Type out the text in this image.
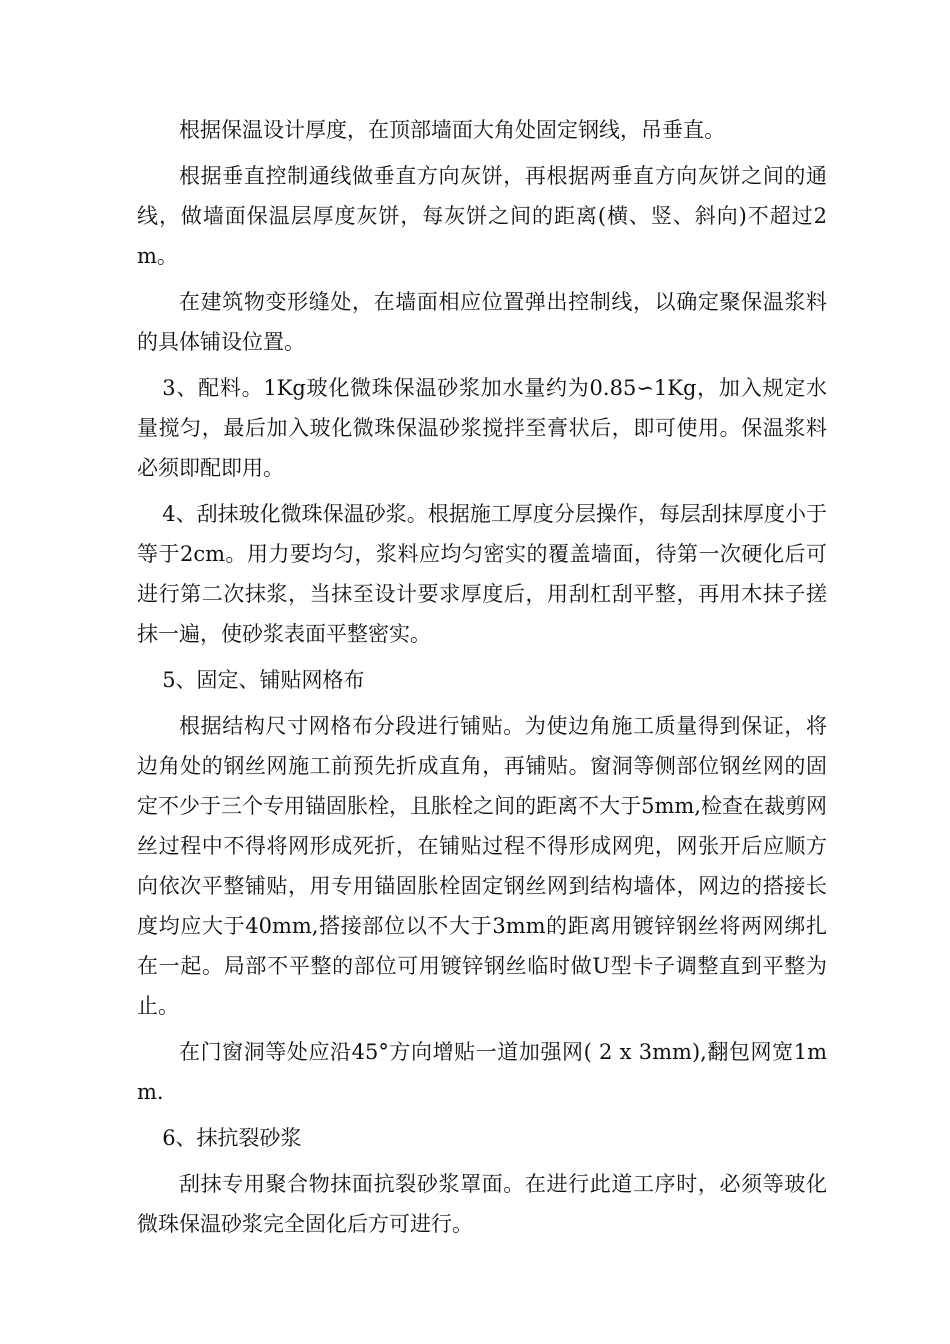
根据保温设计厚度，在顶部墙面大角处固定钢线，吊垂直。

根据垂直控制通线做垂直方向灰饼，再根据两垂直方向灰饼之间的通线，做墙面保温层厚度灰饼，每灰饼之间的距离(横、竖、斜向)不超过2m。

在建筑物变形缝处，在墙面相应位置弹出控制线，以确定聚保温浆料的具体铺设位置。

3、配料。1Kg玻化微珠保温砂浆加水量约为0.85∽1Kg，加入规定水量搅匀，最后加入玻化微珠保温砂浆搅拌至膏状后，即可使用。保温浆料必须即配即用。

4、刮抹玻化微珠保温砂浆。根据施工厚度分层操作，每层刮抹厚度小于等于2cm。用力要均匀，浆料应均匀密实的覆盖墙面，待第一次硬化后可进行第二次抹浆，当抹至设计要求厚度后，用刮杠刮平整，再用木抹子搓抹一遍，使砂浆表面平整密实。

5、固定、铺贴网格布

根据结构尺寸网格布分段进行铺贴。为使边角施工质量得到保证，将边角处的钢丝网施工前预先折成直角，再铺贴。窗洞等侧部位钢丝网的固定不少于三个专用锚固胀栓，且胀栓之间的距离不大于5mm,检查在裁剪网丝过程中不得将网形成死折，在铺贴过程不得形成网兜，网张开后应顺方向依次平整铺贴，用专用锚固胀栓固定钢丝网到结构墙体，网边的搭接长度均应大于40mm,搭接部位以不大于3mm的距离用镀锌钢丝将两网绑扎在一起。局部不平整的部位可用镀锌钢丝临时做U型卡子调整直到平整为止。

在门窗洞等处应沿45°方向增贴一道加强网( 2 x 3mm),翻包网宽1mm.

6、抹抗裂砂浆

刮抹专用聚合物抹面抗裂砂浆罩面。在进行此道工序时，必须等玻化微珠保温砂浆完全固化后方可进行。
